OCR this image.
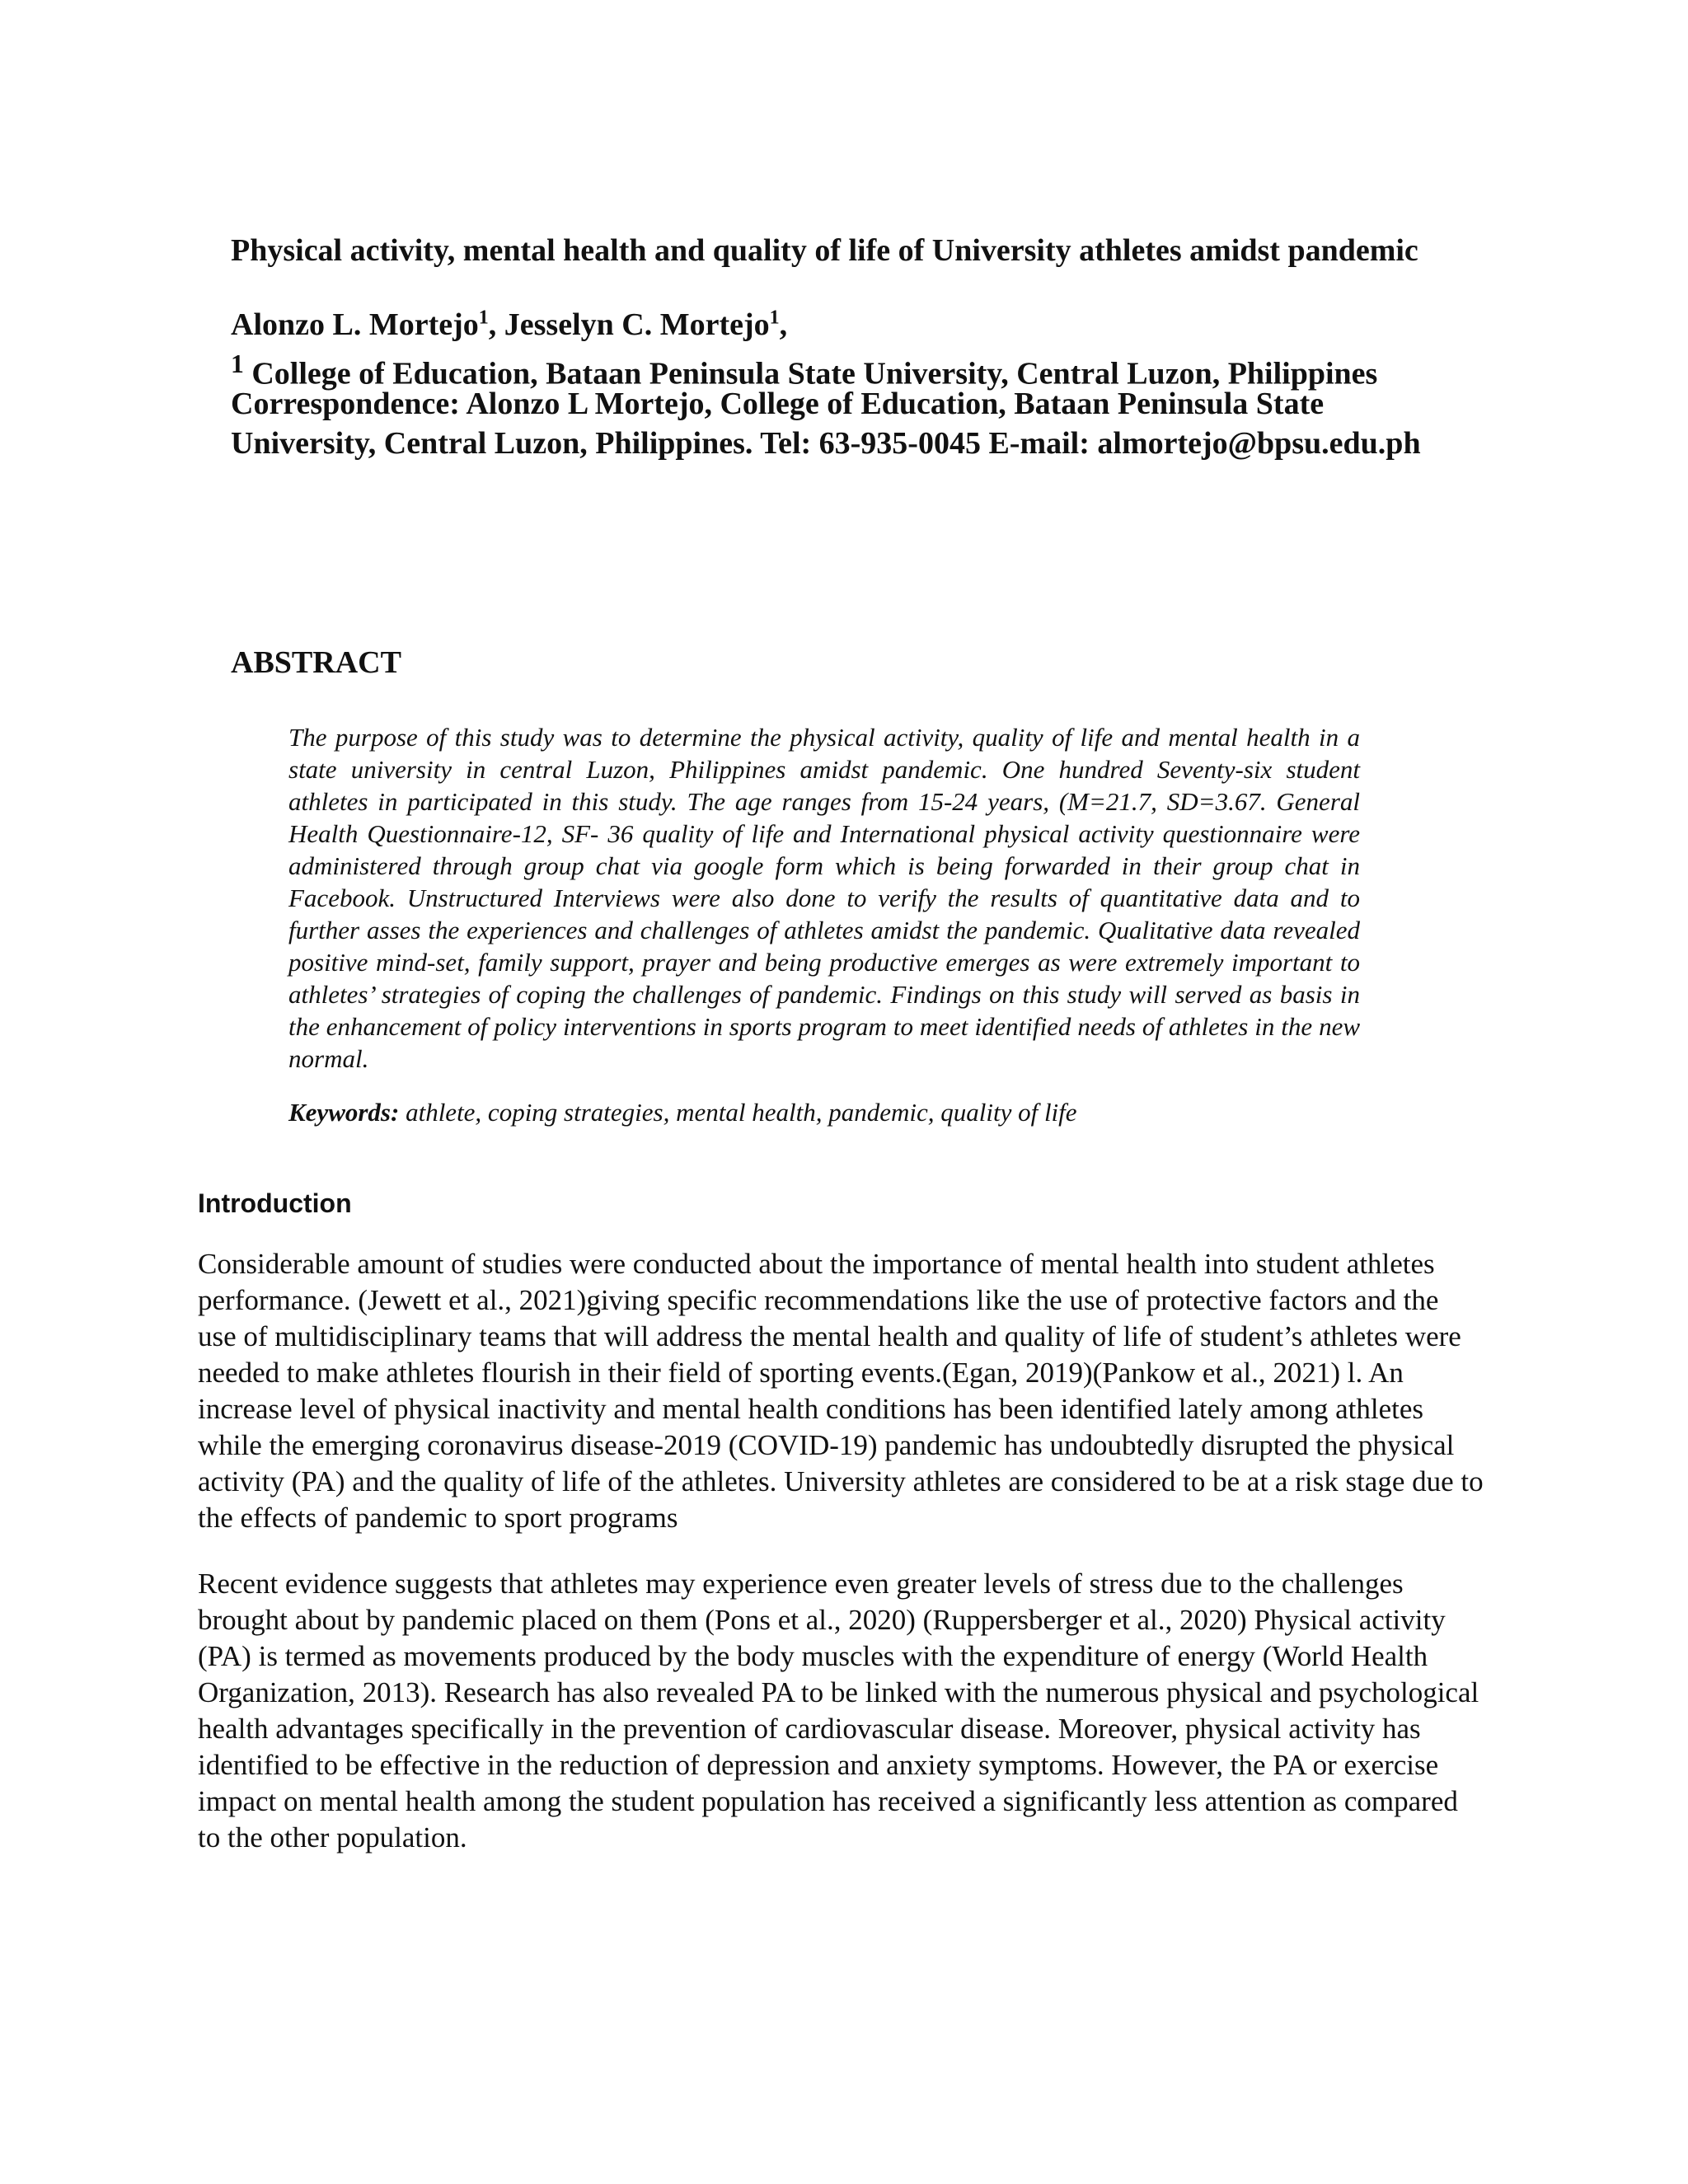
Physical activity, mental health and quality of life of University athletes amidst pandemic
Alonzo L. Mortejo$^1$, Jesselyn C. Mortejo$^1$,
$^1$ College of Education, Bataan Peninsula State University, Central Luzon, Philippines
Correspondence: Alonzo L Mortejo, College of Education, Bataan Peninsula State University, Central Luzon, Philippines. Tel: 63-935-0045 E-mail: almortejo@bpsu.edu.ph
ABSTRACT
The purpose of this study was to determine the physical activity, quality of life and mental health in a state university in central Luzon, Philippines amidst pandemic. One hundred Seventy-six student athletes in participated in this study. The age ranges from 15-24 years, (M=21.7, SD=3.67. General Health Questionnaire-12, SF- 36 quality of life and International physical activity questionnaire were administered through group chat via google form which is being forwarded in their group chat in Facebook. Unstructured Interviews were also done to verify the results of quantitative data and to further asses the experiences and challenges of athletes amidst the pandemic. Qualitative data revealed positive mind-set, family support, prayer and being productive emerges as were extremely important to athletes’ strategies of coping the challenges of pandemic. Findings on this study will served as basis in the enhancement of policy interventions in sports program to meet identified needs of athletes in the new normal.
Keywords: athlete, coping strategies, mental health, pandemic, quality of life
Introduction
Considerable amount of studies were conducted about the importance of mental health into student athletes performance. (Jewett et al., 2021)giving specific recommendations like the use of protective factors and the use of multidisciplinary teams that will address the mental health and quality of life of student’s athletes were needed to make athletes flourish in their field of sporting events.(Egan, 2019)(Pankow et al., 2021) l. An increase level of physical inactivity and mental health conditions has been identified lately among athletes while the emerging coronavirus disease-2019 (COVID-19) pandemic has undoubtedly disrupted the physical activity (PA) and the quality of life of the athletes. University athletes are considered to be at a risk stage due to the effects of pandemic to sport programs
Recent evidence suggests that athletes may experience even greater levels of stress due to the challenges brought about by pandemic placed on them (Pons et al., 2020) (Ruppersberger et al., 2020) Physical activity (PA) is termed as movements produced by the body muscles with the expenditure of energy (World Health Organization, 2013). Research has also revealed PA to be linked with the numerous physical and psychological health advantages specifically in the prevention of cardiovascular disease. Moreover, physical activity has identified to be effective in the reduction of depression and anxiety symptoms. However, the PA or exercise impact on mental health among the student population has received a significantly less attention as compared to the other population.
